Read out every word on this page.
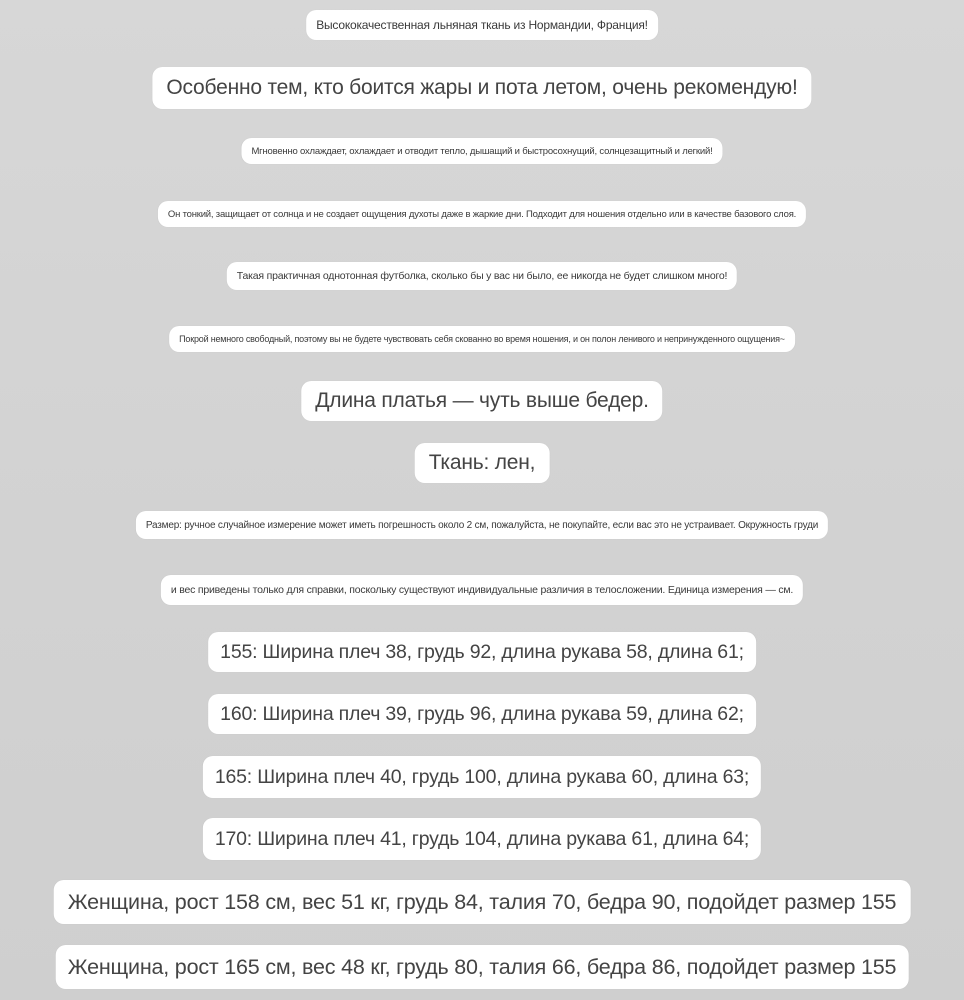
Высококачественная льняная ткань из Нормандии, Франция!
Особенно тем, кто боится жары и пота летом, очень рекомендую!
Мгновенно охлаждает, охлаждает и отводит тепло, дышащий и быстросохнущий, солнцезащитный и легкий!
Он тонкий, защищает от солнца и не создает ощущения духоты даже в жаркие дни. Подходит для ношения отдельно или в качестве базового слоя.
Такая практичная однотонная футболка, сколько бы у вас ни было, ее никогда не будет слишком много!
Покрой немного свободный, поэтому вы не будете чувствовать себя скованно во время ношения, и он полон ленивого и непринужденного ощущения~
Длина платья — чуть выше бедер.
Ткань: лен,
Размер: ручное случайное измерение может иметь погрешность около 2 см, пожалуйста, не покупайте, если вас это не устраивает. Окружность груди
и вес приведены только для справки, поскольку существуют индивидуальные различия в телосложении. Единица измерения — см.
155: Ширина плеч 38, грудь 92, длина рукава 58, длина 61;
160: Ширина плеч 39, грудь 96, длина рукава 59, длина 62;
165: Ширина плеч 40, грудь 100, длина рукава 60, длина 63;
170: Ширина плеч 41, грудь 104, длина рукава 61, длина 64;
Женщина, рост 158 см, вес 51 кг, грудь 84, талия 70, бедра 90, подойдет размер 155
Женщина, рост 165 см, вес 48 кг, грудь 80, талия 66, бедра 86, подойдет размер 155
